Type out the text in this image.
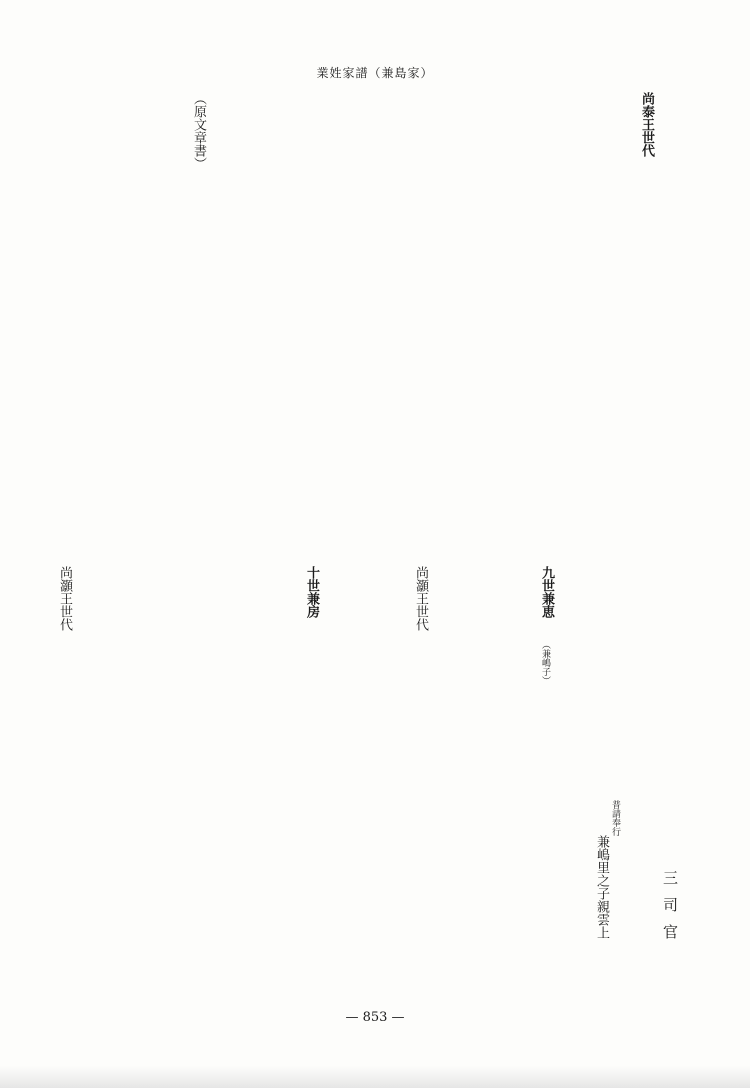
業姓家譜（兼島家）
尚泰王世代
（原文章書）
普請奉行
兼嶋里之子親雲上	三司官
九世兼恵
（兼嶋子）
尚灝王世代
十世兼房
尚灝王世代
— 853 —
